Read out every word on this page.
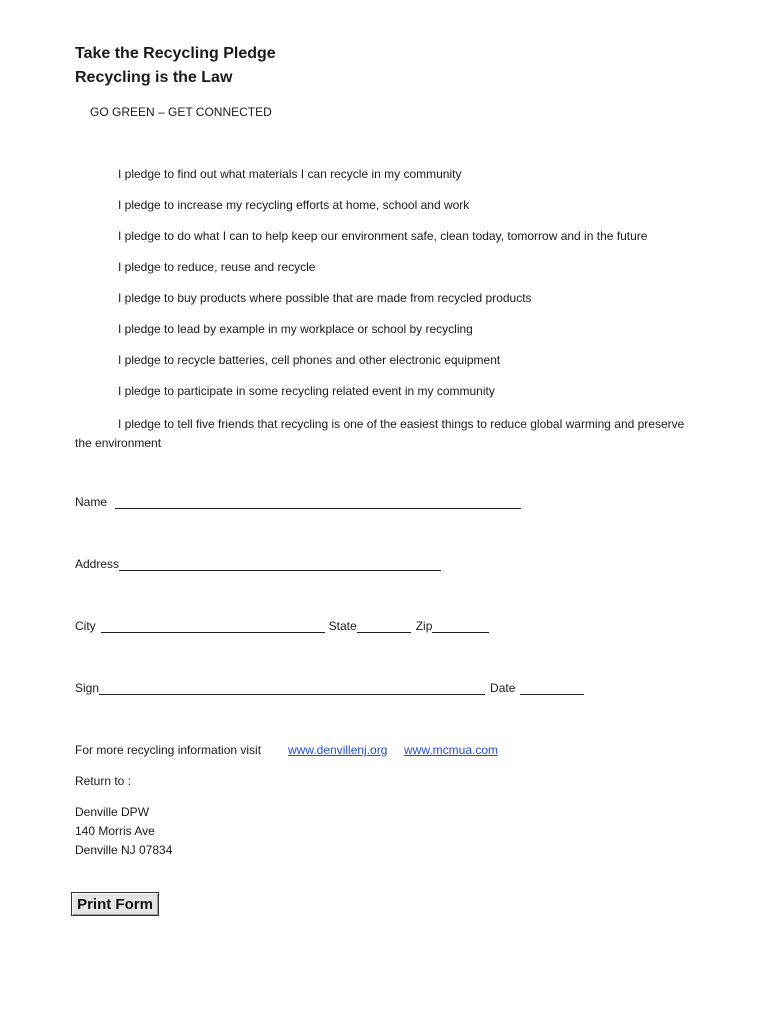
Take the Recycling Pledge
Recycling is the Law
GO GREEN – GET CONNECTED
I pledge to find out what materials I can recycle in my community
I pledge to increase my recycling efforts at home, school and work
I pledge to do what I can to help keep our environment safe, clean today, tomorrow and in the future
I pledge to reduce, reuse and recycle
I pledge to buy products where possible that are made from recycled products
I pledge to lead by example in my workplace or school by recycling
I pledge to recycle batteries, cell phones and other electronic equipment
I pledge to participate in some recycling related event in my community
I pledge to tell five friends that recycling is one of the easiest things to reduce global warming and preserve the environment
Name
Address
City	State	Zip
Sign	Date
For more recycling information visit www.denvillenj.org www.mcmua.com
Return to :
Denville DPW
140 Morris Ave
Denville NJ 07834
Print Form
